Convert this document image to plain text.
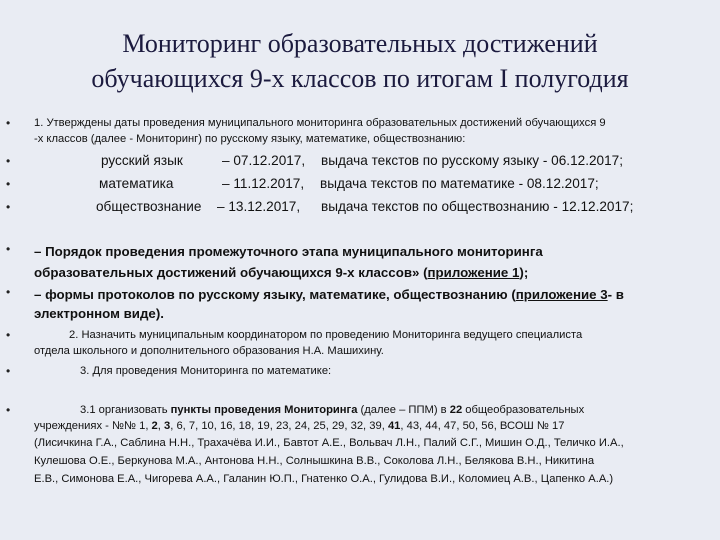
Мониторинг образовательных достижений
обучающихся 9-х классов по итогам I полугодия
•
•
•
•
•
•
•
•
•
1. Утверждены даты проведения муниципального мониторинга образовательных достижений обучающихся 9
-х классов (далее - Мониторинг) по русскому языку, математике, обществознанию:
русский язык	– 07.12.2017, выдача текстов по русскому языку - 06.12.2017;
математика	– 11.12.2017, выдача текстов по математике - 08.12.2017;
обществознание – 13.12.2017, выдача текстов по обществознанию - 12.12.2017;
– Порядок проведения промежуточного этапа муниципального мониторинга
образовательных достижений обучающихся 9-х классов» (приложение 1);
– формы протоколов по русскому языку, математике, обществознанию (приложение 3- в
электронном виде).
2. Назначить муниципальным координатором по проведению Мониторинга ведущего специалиста
отдела школьного и дополнительного образования Н.А. Машихину.
3. Для проведения Мониторинга по математике:
3.1 организовать пункты проведения Мониторинга (далее – ППМ) в 22 общеобразовательных
учреждениях - №№ 1, 2, 3, 6, 7, 10, 16, 18, 19, 23, 24, 25, 29, 32, 39, 41, 43, 44, 47, 50, 56, ВСОШ № 17
(Лисичкина Г.А., Саблина Н.Н., Трахачёва И.И., Бавтот А.Е., Вольвач Л.Н., Палий С.Г., Мишин О.Д., Теличко И.А.,
Кулешова О.Е., Беркунова М.А., Антонова Н.Н., Солнышкина В.В., Соколова Л.Н., Белякова В.Н., Никитина
Е.В., Симонова Е.А., Чигорева А.А., Галанин Ю.П., Гнатенко О.А., Гулидова В.И., Коломиец А.В., Цапенко А.А.)
